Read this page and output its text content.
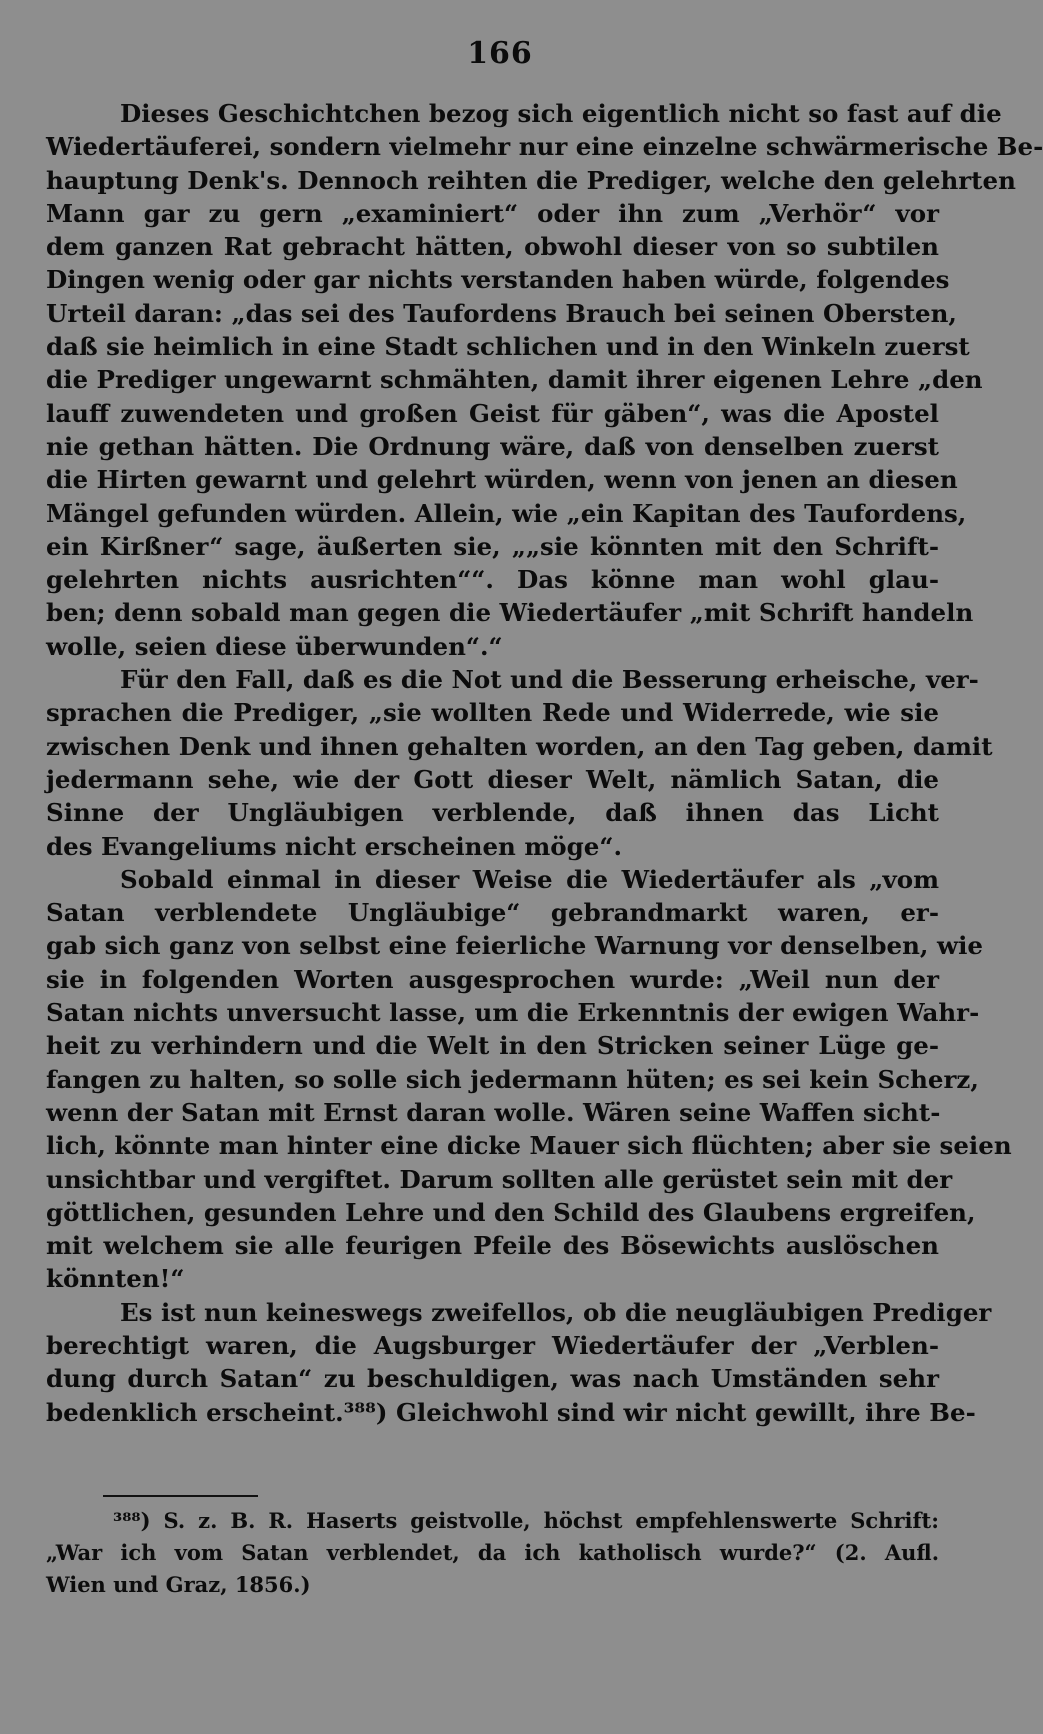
166
Dieses Geschichtchen bezog sich eigentlich nicht so fast auf die
Wiedertäuferei, sondern vielmehr nur eine einzelne schwärmerische Be-
hauptung Denk's. Dennoch reihten die Prediger, welche den gelehrten
Mann gar zu gern „examiniert“ oder ihn zum „Verhör“ vor
dem ganzen Rat gebracht hätten, obwohl dieser von so subtilen
Dingen wenig oder gar nichts verstanden haben würde, folgendes
Urteil daran: „das sei des Taufordens Brauch bei seinen Obersten,
daß sie heimlich in eine Stadt schlichen und in den Winkeln zuerst
die Prediger ungewarnt schmähten, damit ihrer eigenen Lehre „den
lauff zuwendeten und großen Geist für gäben“, was die Apostel
nie gethan hätten. Die Ordnung wäre, daß von denselben zuerst
die Hirten gewarnt und gelehrt würden, wenn von jenen an diesen
Mängel gefunden würden. Allein, wie „ein Kapitan des Taufordens,
ein Kirßner“ sage, äußerten sie, „„sie könnten mit den Schrift-
gelehrten nichts ausrichten““. Das könne man wohl glau-
ben; denn sobald man gegen die Wiedertäufer „mit Schrift handeln
wolle, seien diese überwunden“.“
Für den Fall, daß es die Not und die Besserung erheische, ver-
sprachen die Prediger, „sie wollten Rede und Widerrede, wie sie
zwischen Denk und ihnen gehalten worden, an den Tag geben, damit
jedermann sehe, wie der Gott dieser Welt, nämlich Satan, die
Sinne der Ungläubigen verblende, daß ihnen das Licht
des Evangeliums nicht erscheinen möge“.
Sobald einmal in dieser Weise die Wiedertäufer als „vom
Satan verblendete Ungläubige“ gebrandmarkt waren, er-
gab sich ganz von selbst eine feierliche Warnung vor denselben, wie
sie in folgenden Worten ausgesprochen wurde: „Weil nun der
Satan nichts unversucht lasse, um die Erkenntnis der ewigen Wahr-
heit zu verhindern und die Welt in den Stricken seiner Lüge ge-
fangen zu halten, so solle sich jedermann hüten; es sei kein Scherz,
wenn der Satan mit Ernst daran wolle. Wären seine Waffen sicht-
lich, könnte man hinter eine dicke Mauer sich flüchten; aber sie seien
unsichtbar und vergiftet. Darum sollten alle gerüstet sein mit der
göttlichen, gesunden Lehre und den Schild des Glaubens ergreifen,
mit welchem sie alle feurigen Pfeile des Bösewichts auslöschen
könnten!“
Es ist nun keineswegs zweifellos, ob die neugläubigen Prediger
berechtigt waren, die Augsburger Wiedertäufer der „Verblen-
dung durch Satan“ zu beschuldigen, was nach Umständen sehr
bedenklich erscheint.³⁸⁸) Gleichwohl sind wir nicht gewillt, ihre Be-
³⁸⁸) S. z. B. R. Haserts geistvolle, höchst empfehlenswerte Schrift:
„War ich vom Satan verblendet, da ich katholisch wurde?“ (2. Aufl.
Wien und Graz, 1856.)
